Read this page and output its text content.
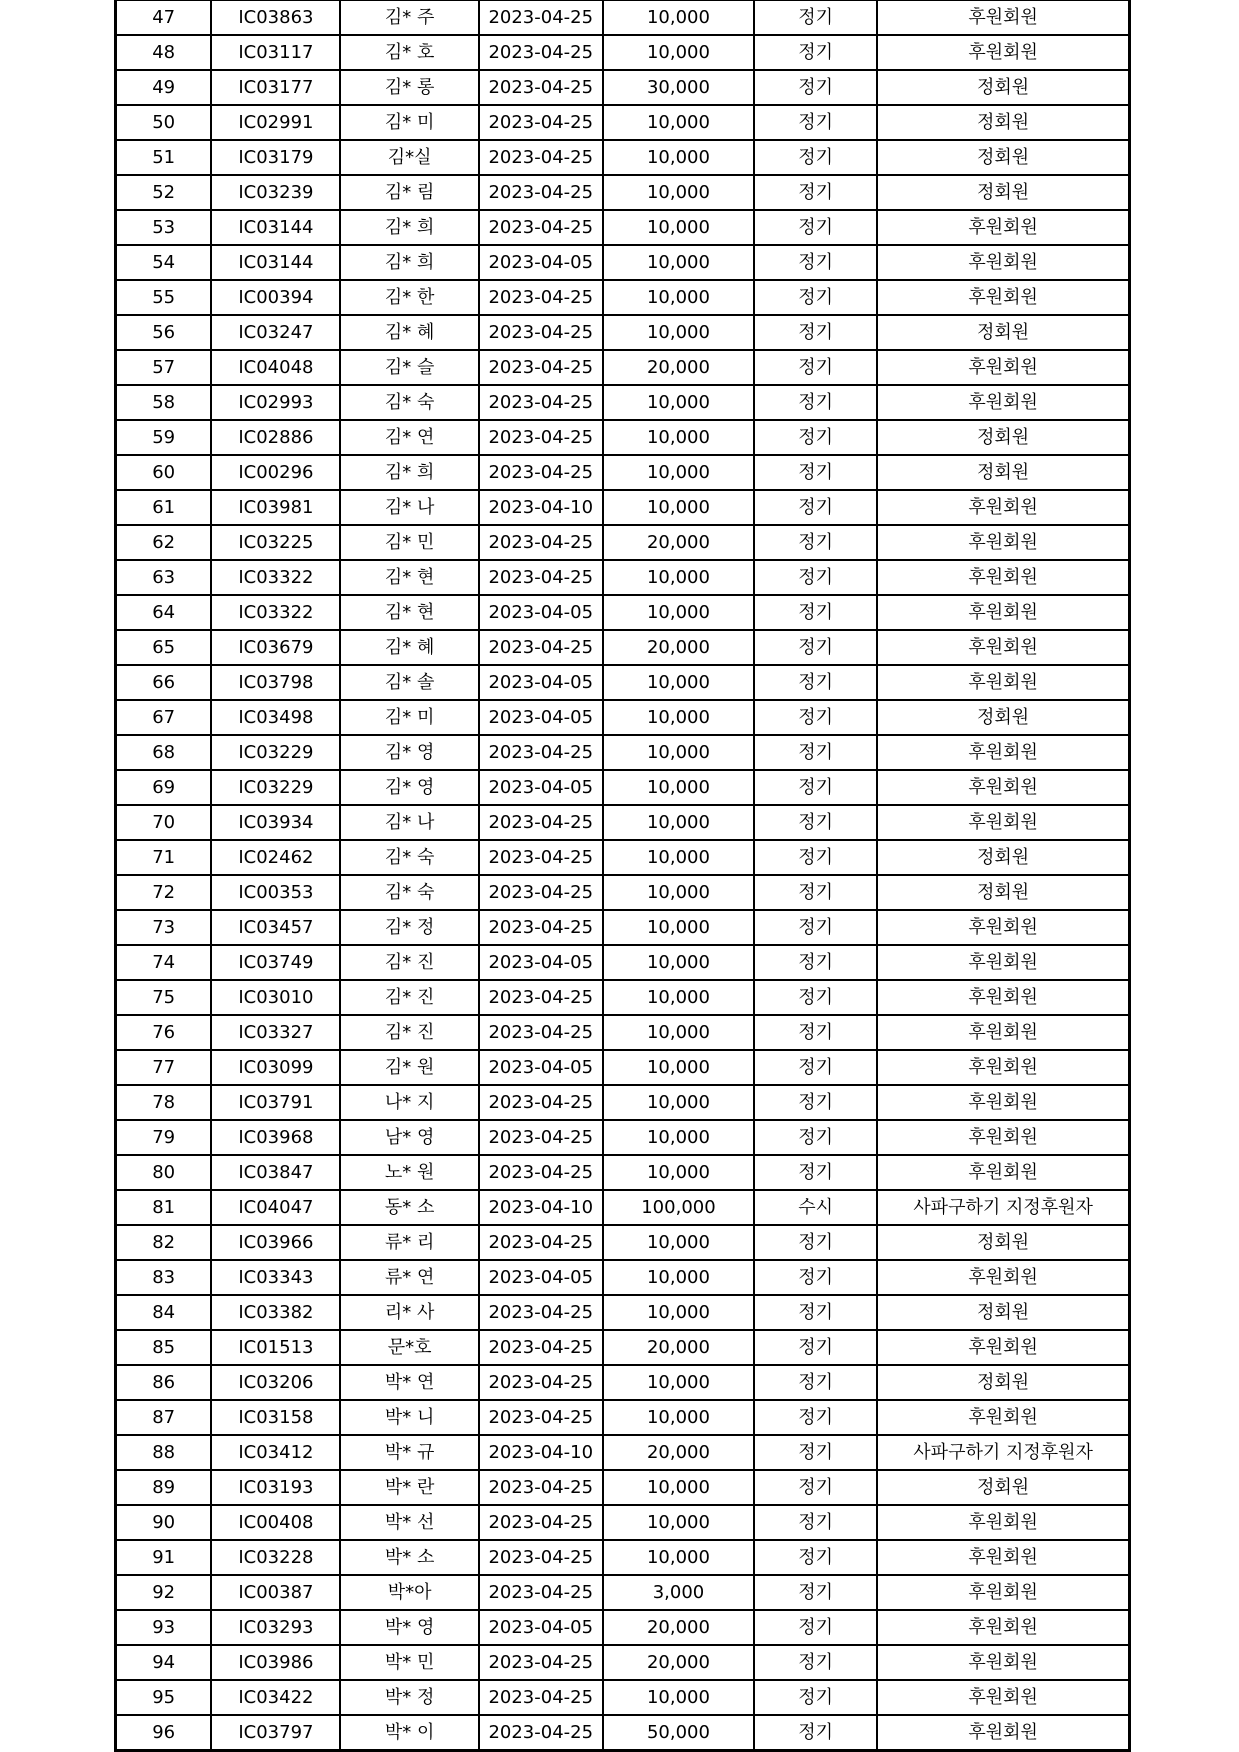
47	IC03863	김* 주	2023-04-25	10,000	정기	후원회원
48	IC03117	김* 호	2023-04-25	10,000	정기	후원회원
49	IC03177	김* 롱	2023-04-25	30,000	정기	정회원
50	IC02991	김* 미	2023-04-25	10,000	정기	정회원
51	IC03179	김*실	2023-04-25	10,000	정기	정회원
52	IC03239	김* 림	2023-04-25	10,000	정기	정회원
53	IC03144	김* 희	2023-04-25	10,000	정기	후원회원
54	IC03144	김* 희	2023-04-05	10,000	정기	후원회원
55	IC00394	김* 한	2023-04-25	10,000	정기	후원회원
56	IC03247	김* 혜	2023-04-25	10,000	정기	정회원
57	IC04048	김* 슬	2023-04-25	20,000	정기	후원회원
58	IC02993	김* 숙	2023-04-25	10,000	정기	후원회원
59	IC02886	김* 연	2023-04-25	10,000	정기	정회원
60	IC00296	김* 희	2023-04-25	10,000	정기	정회원
61	IC03981	김* 나	2023-04-10	10,000	정기	후원회원
62	IC03225	김* 민	2023-04-25	20,000	정기	후원회원
63	IC03322	김* 현	2023-04-25	10,000	정기	후원회원
64	IC03322	김* 현	2023-04-05	10,000	정기	후원회원
65	IC03679	김* 혜	2023-04-25	20,000	정기	후원회원
66	IC03798	김* 솔	2023-04-05	10,000	정기	후원회원
67	IC03498	김* 미	2023-04-05	10,000	정기	정회원
68	IC03229	김* 영	2023-04-25	10,000	정기	후원회원
69	IC03229	김* 영	2023-04-05	10,000	정기	후원회원
70	IC03934	김* 나	2023-04-25	10,000	정기	후원회원
71	IC02462	김* 숙	2023-04-25	10,000	정기	정회원
72	IC00353	김* 숙	2023-04-25	10,000	정기	정회원
73	IC03457	김* 정	2023-04-25	10,000	정기	후원회원
74	IC03749	김* 진	2023-04-05	10,000	정기	후원회원
75	IC03010	김* 진	2023-04-25	10,000	정기	후원회원
76	IC03327	김* 진	2023-04-25	10,000	정기	후원회원
77	IC03099	김* 원	2023-04-05	10,000	정기	후원회원
78	IC03791	나* 지	2023-04-25	10,000	정기	후원회원
79	IC03968	남* 영	2023-04-25	10,000	정기	후원회원
80	IC03847	노* 원	2023-04-25	10,000	정기	후원회원
81	IC04047	동* 소	2023-04-10	100,000	수시	사파구하기 지정후원자
82	IC03966	류* 리	2023-04-25	10,000	정기	정회원
83	IC03343	류* 연	2023-04-05	10,000	정기	후원회원
84	IC03382	리* 사	2023-04-25	10,000	정기	정회원
85	IC01513	문*호	2023-04-25	20,000	정기	후원회원
86	IC03206	박* 연	2023-04-25	10,000	정기	정회원
87	IC03158	박* 니	2023-04-25	10,000	정기	후원회원
88	IC03412	박* 규	2023-04-10	20,000	정기	사파구하기 지정후원자
89	IC03193	박* 란	2023-04-25	10,000	정기	정회원
90	IC00408	박* 선	2023-04-25	10,000	정기	후원회원
91	IC03228	박* 소	2023-04-25	10,000	정기	후원회원
92	IC00387	박*아	2023-04-25	3,000	정기	후원회원
93	IC03293	박* 영	2023-04-05	20,000	정기	후원회원
94	IC03986	박* 민	2023-04-25	20,000	정기	후원회원
95	IC03422	박* 정	2023-04-25	10,000	정기	후원회원
96	IC03797	박* 이	2023-04-25	50,000	정기	후원회원
